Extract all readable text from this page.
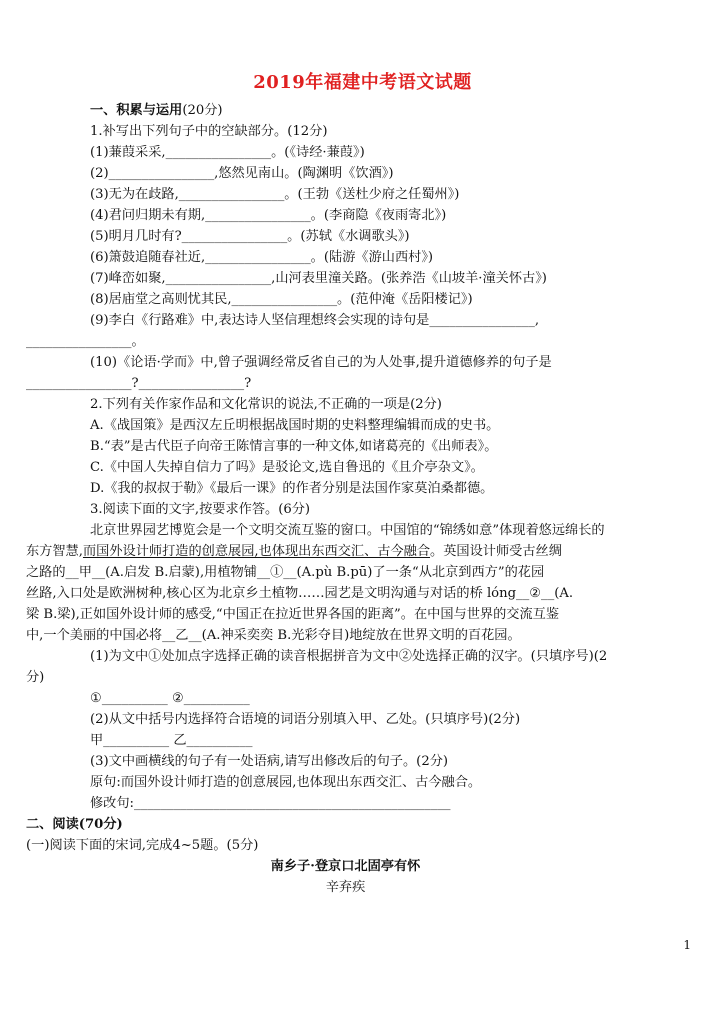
2019年福建中考语文试题
一、积累与运用(20分)
1.补写出下列句子中的空缺部分。(12分)
(1)蒹葭采采,________________。(《诗经·蒹葭》)
(2)________________,悠然见南山。(陶渊明《饮酒》)
(3)无为在歧路,________________。(王勃《送杜少府之任蜀州》)
(4)君问归期未有期,________________。(李商隐《夜雨寄北》)
(5)明月几时有?________________。(苏轼《水调歌头》)
(6)箫鼓追随春社近,________________。(陆游《游山西村》)
(7)峰峦如聚,________________,山河表里潼关路。(张养浩《山坡羊·潼关怀古》)
(8)居庙堂之高则忧其民,________________。(范仲淹《岳阳楼记》)
(9)李白《行路难》中,表达诗人坚信理想终会实现的诗句是________________,
________________。
(10)《论语·学而》中,曾子强调经常反省自己的为人处事,提升道德修养的句子是
________________?________________?
2.下列有关作家作品和文化常识的说法,不正确的一项是(2分)
A.《战国策》是西汉左丘明根据战国时期的史料整理编辑而成的史书。
B.“表”是古代臣子向帝王陈情言事的一种文体,如诸葛亮的《出师表》。
C.《中国人失掉自信力了吗》是驳论文,选自鲁迅的《且介亭杂文》。
D.《我的叔叔于勒》《最后一课》的作者分别是法国作家莫泊桑都德。
3.阅读下面的文字,按要求作答。(6分)
北京世界园艺博览会是一个文明交流互鉴的窗口。中国馆的“锦绣如意”体现着悠远绵长的
东方智慧,而国外设计师打造的创意展园,也体现出东西交汇、古今融合。英国设计师受古丝绸
之路的__甲__(A.启发 B.启蒙),用植物铺__①__(A.pù B.pū)了一条“从北京到西方”的花园
丝路,入口处是欧洲树种,核心区为北京乡土植物……园艺是文明沟通与对话的桥 lóng__②__(A.
梁 B.梁),正如国外设计师的感受,“中国正在拉近世界各国的距离”。在中国与世界的交流互鉴
中,一个美丽的中国必将__乙__(A.神采奕奕 B.光彩夺目)地绽放在世界文明的百花园。
(1)为文中①处加点字选择正确的读音根据拼音为文中②处选择正确的汉字。(只填序号)(2
分)
①__________ ②__________
(2)从文中括号内选择符合语境的词语分别填入甲、乙处。(只填序号)(2分)
甲__________ 乙__________
(3)文中画横线的句子有一处语病,请写出修改后的句子。(2分)
原句:而国外设计师打造的创意展园,也体现出东西交汇、古今融合。
修改句:________________________________________________
二、阅读(70分)
(一)阅读下面的宋词,完成4~5题。(5分)
南乡子·登京口北固亭有怀
辛弃疾
1
